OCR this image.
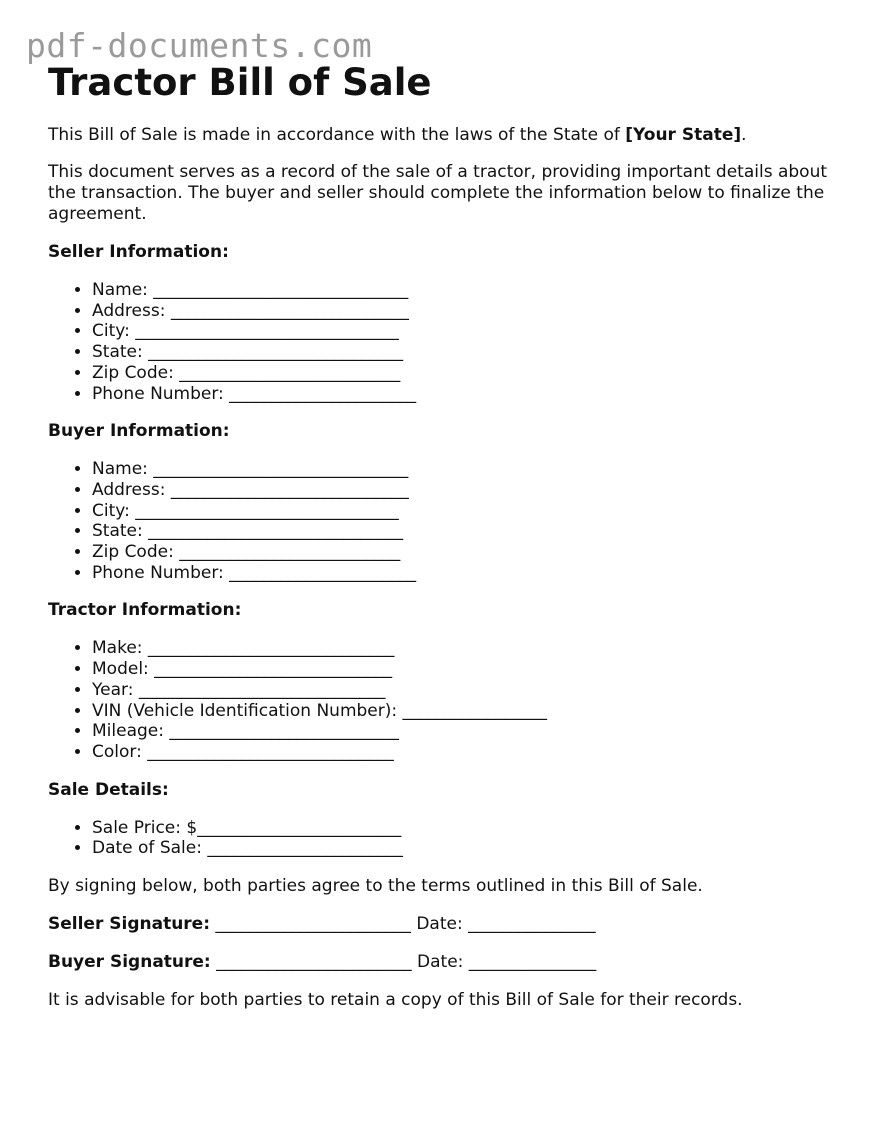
pdf-documents.com
Tractor Bill of Sale

This Bill of Sale is made in accordance with the laws of the State of [Your State].

This document serves as a record of the sale of a tractor, providing important details about the transaction. The buyer and seller should complete the information below to finalize the agreement.

Seller Information:

• Name: ______________________________
• Address: ____________________________
• City: _______________________________
• State: ______________________________
• Zip Code: __________________________
• Phone Number: ______________________

Buyer Information:

• Name: ______________________________
• Address: ____________________________
• City: _______________________________
• State: ______________________________
• Zip Code: __________________________
• Phone Number: ______________________

Tractor Information:

• Make: _____________________________
• Model: ____________________________
• Year: _____________________________
• VIN (Vehicle Identification Number): _________________
• Mileage: ___________________________
• Color: _____________________________

Sale Details:

• Sale Price: $________________________
• Date of Sale: _______________________

By signing below, both parties agree to the terms outlined in this Bill of Sale.

Seller Signature: _______________________ Date: _______________

Buyer Signature: _______________________ Date: _______________

It is advisable for both parties to retain a copy of this Bill of Sale for their records.
